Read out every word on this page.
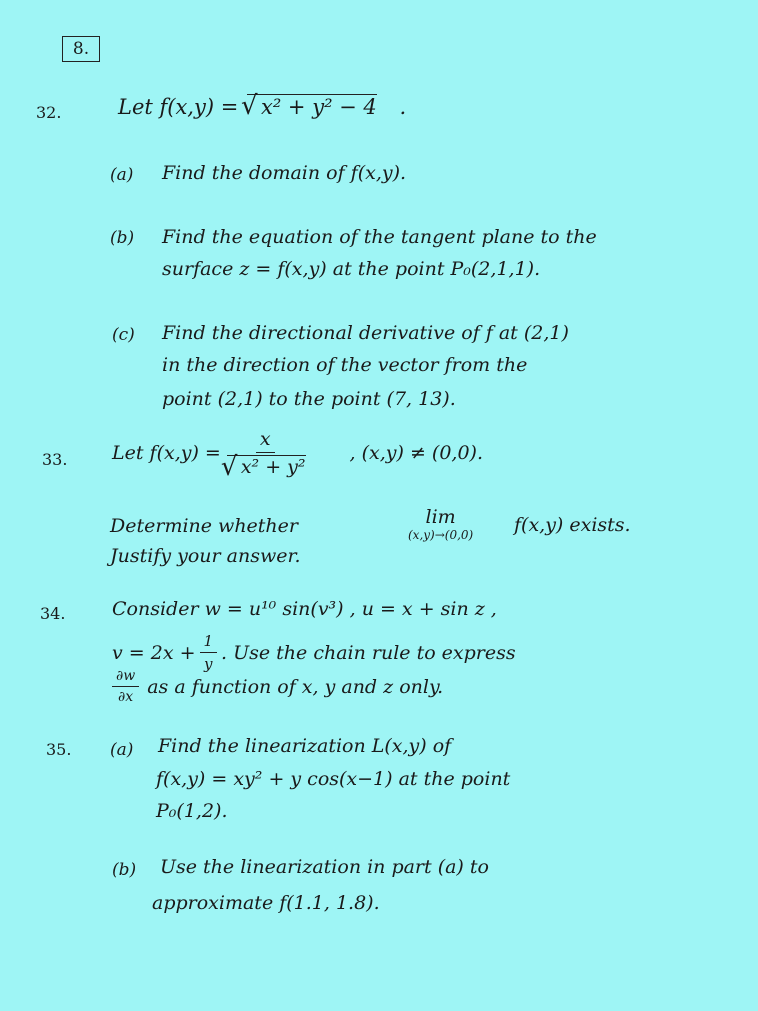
8.
32.	Let f(x,y) = √ x² + y² − 4 .
(a) Find the domain of f(x,y).
(b) Find the equation of the tangent plane to the
surface z = f(x,y) at the point P₀(2,1,1).
(c) Find the directional derivative of f at (2,1)
in the direction of the vector from the
point (2,1) to the point (7, 13).
33. Let f(x,y) = x
√ x² + y² , (x,y) ≠ (0,0).
Determine whether	lim
(x,y)→(0,0) f(x,y) exists.
Justify your answer.
34. Consider w = u¹⁰ sin(v³) , u = x + sin z ,
$v = 2x + \frac{1}{y}$ . Use the chain rule to express
$\frac{\partial w}{\partial x}$ as a function of x, y and z only.
35. (a) Find the linearization L(x,y) of
f(x,y) = xy² + y cos(x−1) at the point
P₀(1,2).
(b) Use the linearization in part (a) to
approximate f(1.1, 1.8).
